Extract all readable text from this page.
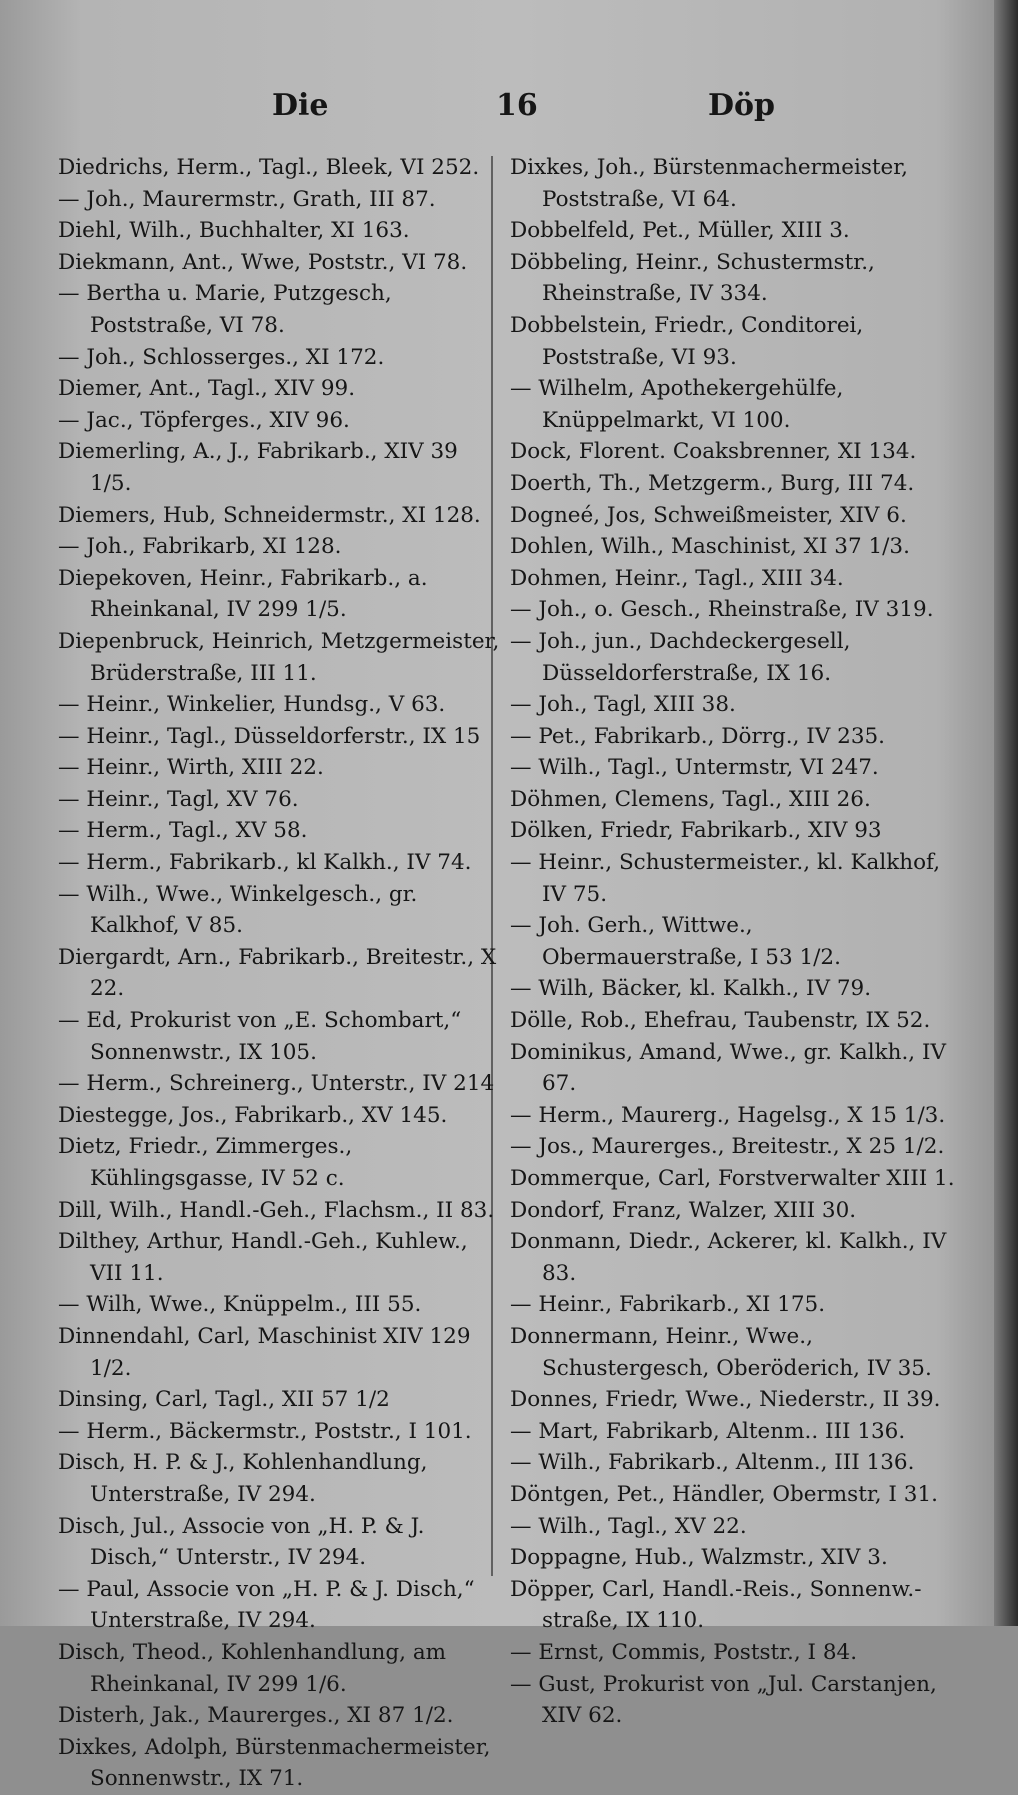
Die	16	Döp

Diedrichs, Herm., Tagl., Bleek, VI 252.

— Joh., Maurermstr., Grath, III 87.

Diehl, Wilh., Buchhalter, XI 163.

Diekmann, Ant., Wwe, Poststr., VI 78.

— Bertha u. Marie, Putzgesch, Poststraße, VI 78.

— Joh., Schlosserges., XI 172.

Diemer, Ant., Tagl., XIV 99.

— Jac., Töpferges., XIV 96.

Diemerling, A., J., Fabrikarb., XIV 39 1/5.

Diemers, Hub, Schneidermstr., XI 128.

— Joh., Fabrikarb, XI 128.

Diepekoven, Heinr., Fabrikarb., a. Rheinkanal, IV 299 1/5.

Diepenbruck, Heinrich, Metzgermeister, Brüderstraße, III 11.

— Heinr., Winkelier, Hundsg., V 63.

— Heinr., Tagl., Düsseldorferstr., IX 15

— Heinr., Wirth, XIII 22.

— Heinr., Tagl, XV 76.

— Herm., Tagl., XV 58.

— Herm., Fabrikarb., kl Kalkh., IV 74.

— Wilh., Wwe., Winkelgesch., gr. Kalkhof, V 85.

Diergardt, Arn., Fabrikarb., Breitestr., X 22.

— Ed, Prokurist von „E. Schombart,“ Sonnenwstr., IX 105.

— Herm., Schreinerg., Unterstr., IV 214

Diestegge, Jos., Fabrikarb., XV 145.

Dietz, Friedr., Zimmerges., Kühlingsgasse, IV 52 c.

Dill, Wilh., Handl.-Geh., Flachsm., II 83.

Dilthey, Arthur, Handl.-Geh., Kuhlew., VII 11.

— Wilh, Wwe., Knüppelm., III 55.

Dinnendahl, Carl, Maschinist XIV 129 1/2.

Dinsing, Carl, Tagl., XII 57 1/2

— Herm., Bäckermstr., Poststr., I 101.

Disch, H. P. & J., Kohlenhandlung, Unterstraße, IV 294.

Disch, Jul., Associe von „H. P. & J. Disch,“ Unterstr., IV 294.

— Paul, Associe von „H. P. & J. Disch,“ Unterstraße, IV 294.

Disch, Theod., Kohlenhandlung, am Rheinkanal, IV 299 1/6.

Disterh, Jak., Maurerges., XI 87 1/2.

Dixkes, Adolph, Bürstenmachermeister, Sonnenwstr., IX 71.

Dixkes, Joh., Bürstenmachermeister, Poststraße, VI 64.

Dobbelfeld, Pet., Müller, XIII 3.

Döbbeling, Heinr., Schustermstr., Rheinstraße, IV 334.

Dobbelstein, Friedr., Conditorei, Poststraße, VI 93.

— Wilhelm, Apothekergehülfe, Knüppelmarkt, VI 100.

Dock, Florent. Coaksbrenner, XI 134.

Doerth, Th., Metzgerm., Burg, III 74.

Dogneé, Jos, Schweißmeister, XIV 6.

Dohlen, Wilh., Maschinist, XI 37 1/3.

Dohmen, Heinr., Tagl., XIII 34.

— Joh., o. Gesch., Rheinstraße, IV 319.

— Joh., jun., Dachdeckergesell, Düsseldorferstraße, IX 16.

— Joh., Tagl, XIII 38.

— Pet., Fabrikarb., Dörrg., IV 235.

— Wilh., Tagl., Untermstr, VI 247.

Döhmen, Clemens, Tagl., XIII 26.

Dölken, Friedr, Fabrikarb., XIV 93

— Heinr., Schustermeister., kl. Kalkhof, IV 75.

— Joh. Gerh., Wittwe., Obermauerstraße, I 53 1/2.

— Wilh, Bäcker, kl. Kalkh., IV 79.

Dölle, Rob., Ehefrau, Taubenstr, IX 52.

Dominikus, Amand, Wwe., gr. Kalkh., IV 67.

— Herm., Maurerg., Hagelsg., X 15 1/3.

— Jos., Maurerges., Breitestr., X 25 1/2.

Dommerque, Carl, Forstverwalter XIII 1.

Dondorf, Franz, Walzer, XIII 30.

Donmann, Diedr., Ackerer, kl. Kalkh., IV 83.

— Heinr., Fabrikarb., XI 175.

Donnermann, Heinr., Wwe., Schustergesch, Oberöderich, IV 35.

Donnes, Friedr, Wwe., Niederstr., II 39.

— Mart, Fabrikarb, Altenm.. III 136.

— Wilh., Fabrikarb., Altenm., III 136.

Döntgen, Pet., Händler, Obermstr, I 31.

— Wilh., Tagl., XV 22.

Doppagne, Hub., Walzmstr., XIV 3.

Döpper, Carl, Handl.-Reis., Sonnenw.-straße, IX 110.

— Ernst, Commis, Poststr., I 84.

— Gust, Prokurist von „Jul. Carstanjen, XIV 62.
